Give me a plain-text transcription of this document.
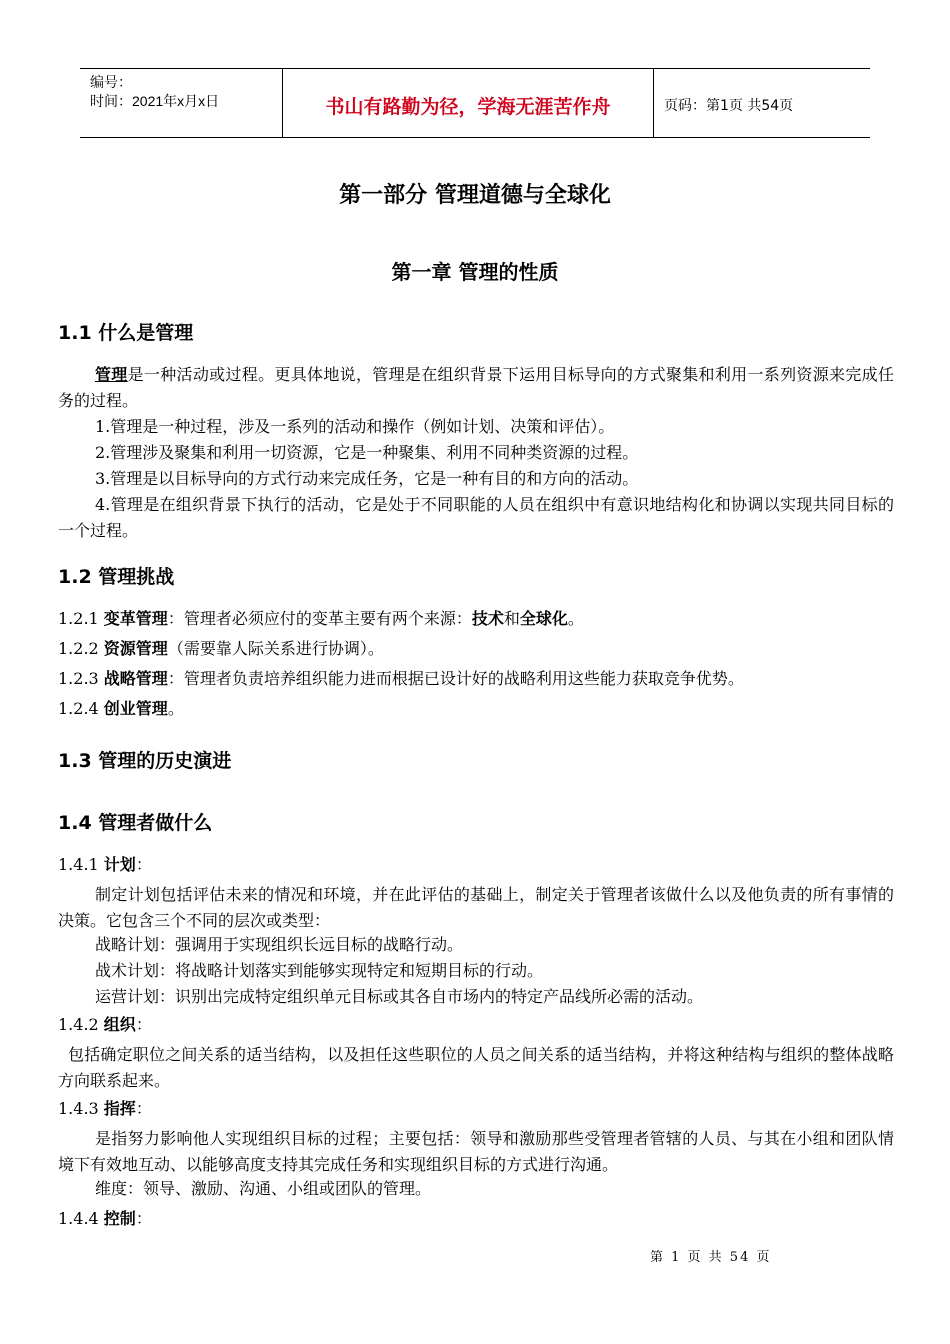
编号：
时间：2021年x月x日	书山有路勤为径，学海无涯苦作舟	页码：第1页 共54页
第一部分 管理道德与全球化
第一章 管理的性质
1.1 什么是管理
管理是一种活动或过程。更具体地说，管理是在组织背景下运用目标导向的方式聚集和利用一系列资源来完成任务的过程。
1.管理是一种过程，涉及一系列的活动和操作（例如计划、决策和评估）。
2.管理涉及聚集和利用一切资源，它是一种聚集、利用不同种类资源的过程。
3.管理是以目标导向的方式行动来完成任务，它是一种有目的和方向的活动。
4.管理是在组织背景下执行的活动，它是处于不同职能的人员在组织中有意识地结构化和协调以实现共同目标的一个过程。
1.2 管理挑战
1.2.1 变革管理：管理者必须应付的变革主要有两个来源：技术和全球化。
1.2.2 资源管理（需要靠人际关系进行协调）。
1.2.3 战略管理：管理者负责培养组织能力进而根据已设计好的战略利用这些能力获取竞争优势。
1.2.4 创业管理。
1.3 管理的历史演进
1.4 管理者做什么
1.4.1 计划：
制定计划包括评估未来的情况和环境，并在此评估的基础上，制定关于管理者该做什么以及他负责的所有事情的决策。它包含三个不同的层次或类型：
战略计划：强调用于实现组织长远目标的战略行动。
战术计划：将战略计划落实到能够实现特定和短期目标的行动。
运营计划：识别出完成特定组织单元目标或其各自市场内的特定产品线所必需的活动。
1.4.2 组织：
包括确定职位之间关系的适当结构，以及担任这些职位的人员之间关系的适当结构，并将这种结构与组织的整体战略方向联系起来。
1.4.3 指挥：
是指努力影响他人实现组织目标的过程；主要包括：领导和激励那些受管理者管辖的人员、与其在小组和团队情境下有效地互动、以能够高度支持其完成任务和实现组织目标的方式进行沟通。
维度：领导、激励、沟通、小组或团队的管理。
1.4.4 控制：
第 1 页 共 54 页
